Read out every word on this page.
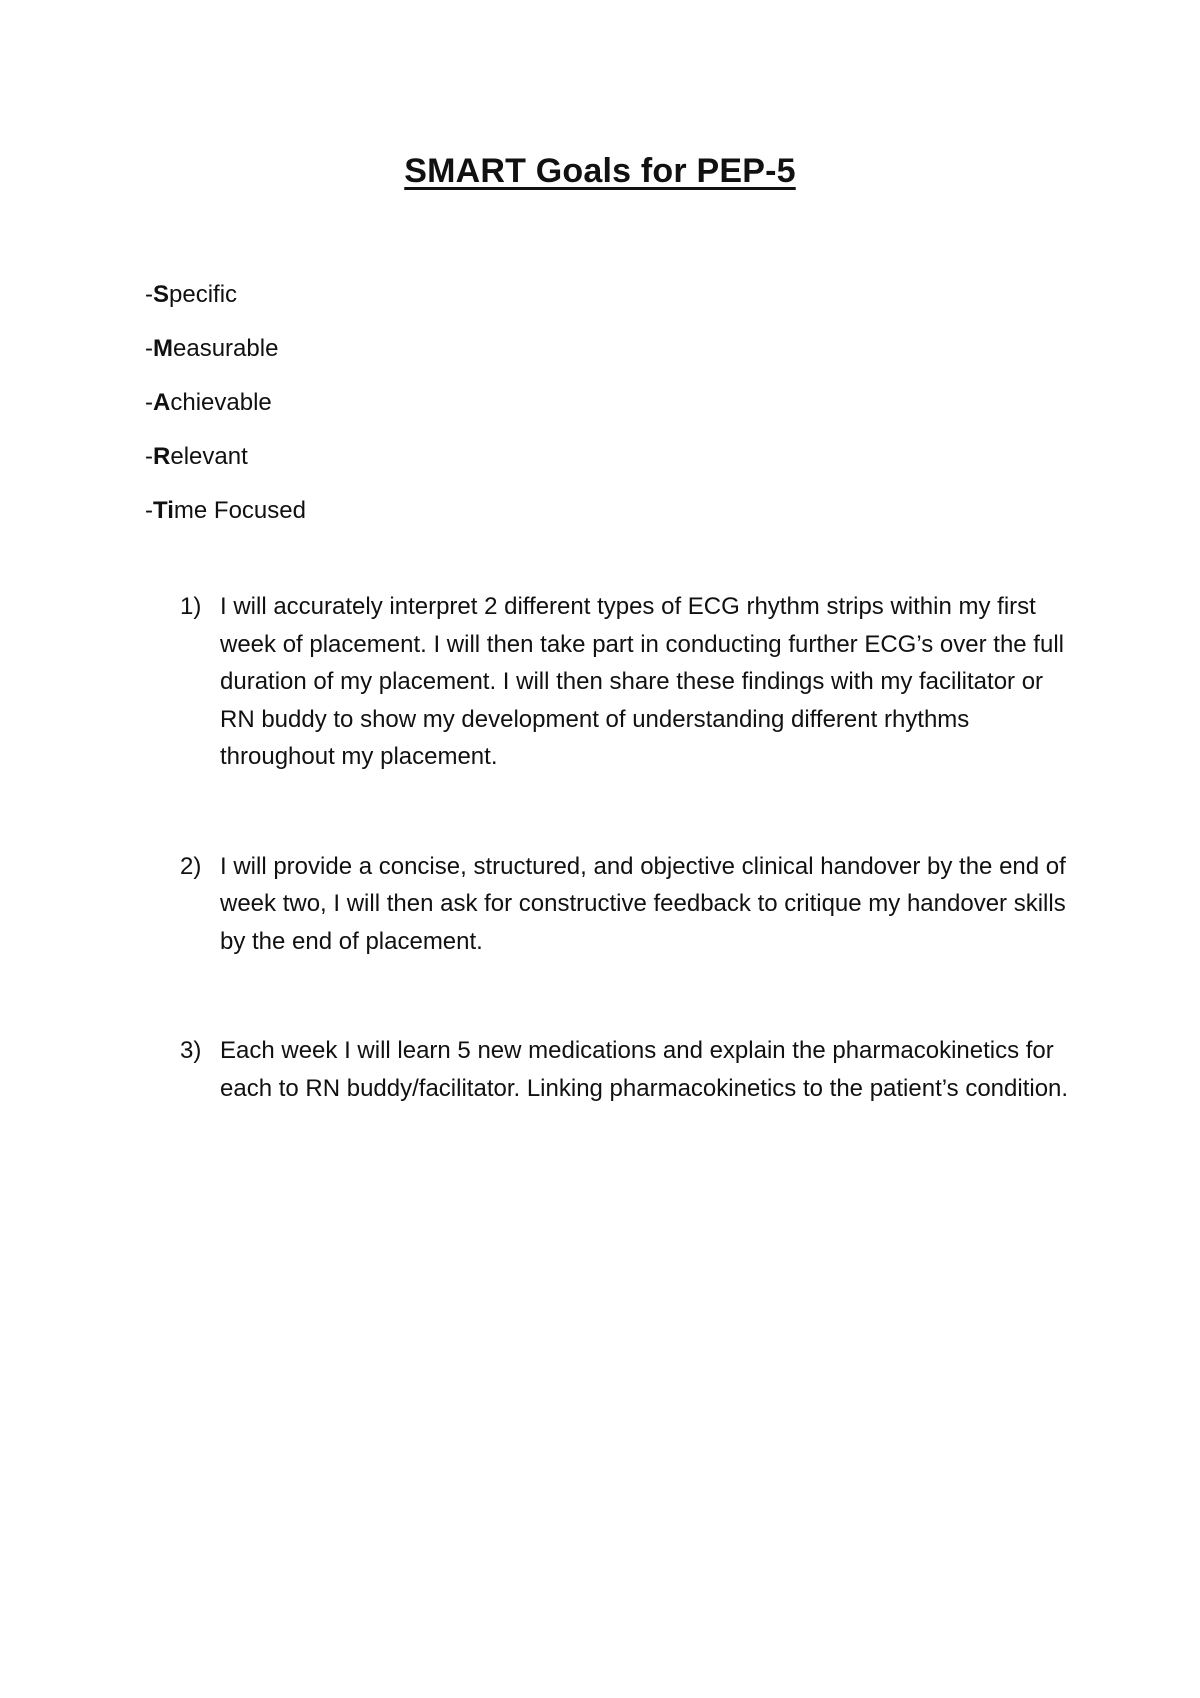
SMART Goals for PEP-5
-Specific
-Measurable
-Achievable
-Relevant
-Time Focused
1) I will accurately interpret 2 different types of ECG rhythm strips within my first week of placement. I will then take part in conducting further ECG’s over the full duration of my placement. I will then share these findings with my facilitator or RN buddy to show my development of understanding different rhythms throughout my placement.
2) I will provide a concise, structured, and objective clinical handover by the end of week two, I will then ask for constructive feedback to critique my handover skills by the end of placement.
3) Each week I will learn 5 new medications and explain the pharmacokinetics for each to RN buddy/facilitator. Linking pharmacokinetics to the patient’s condition.
